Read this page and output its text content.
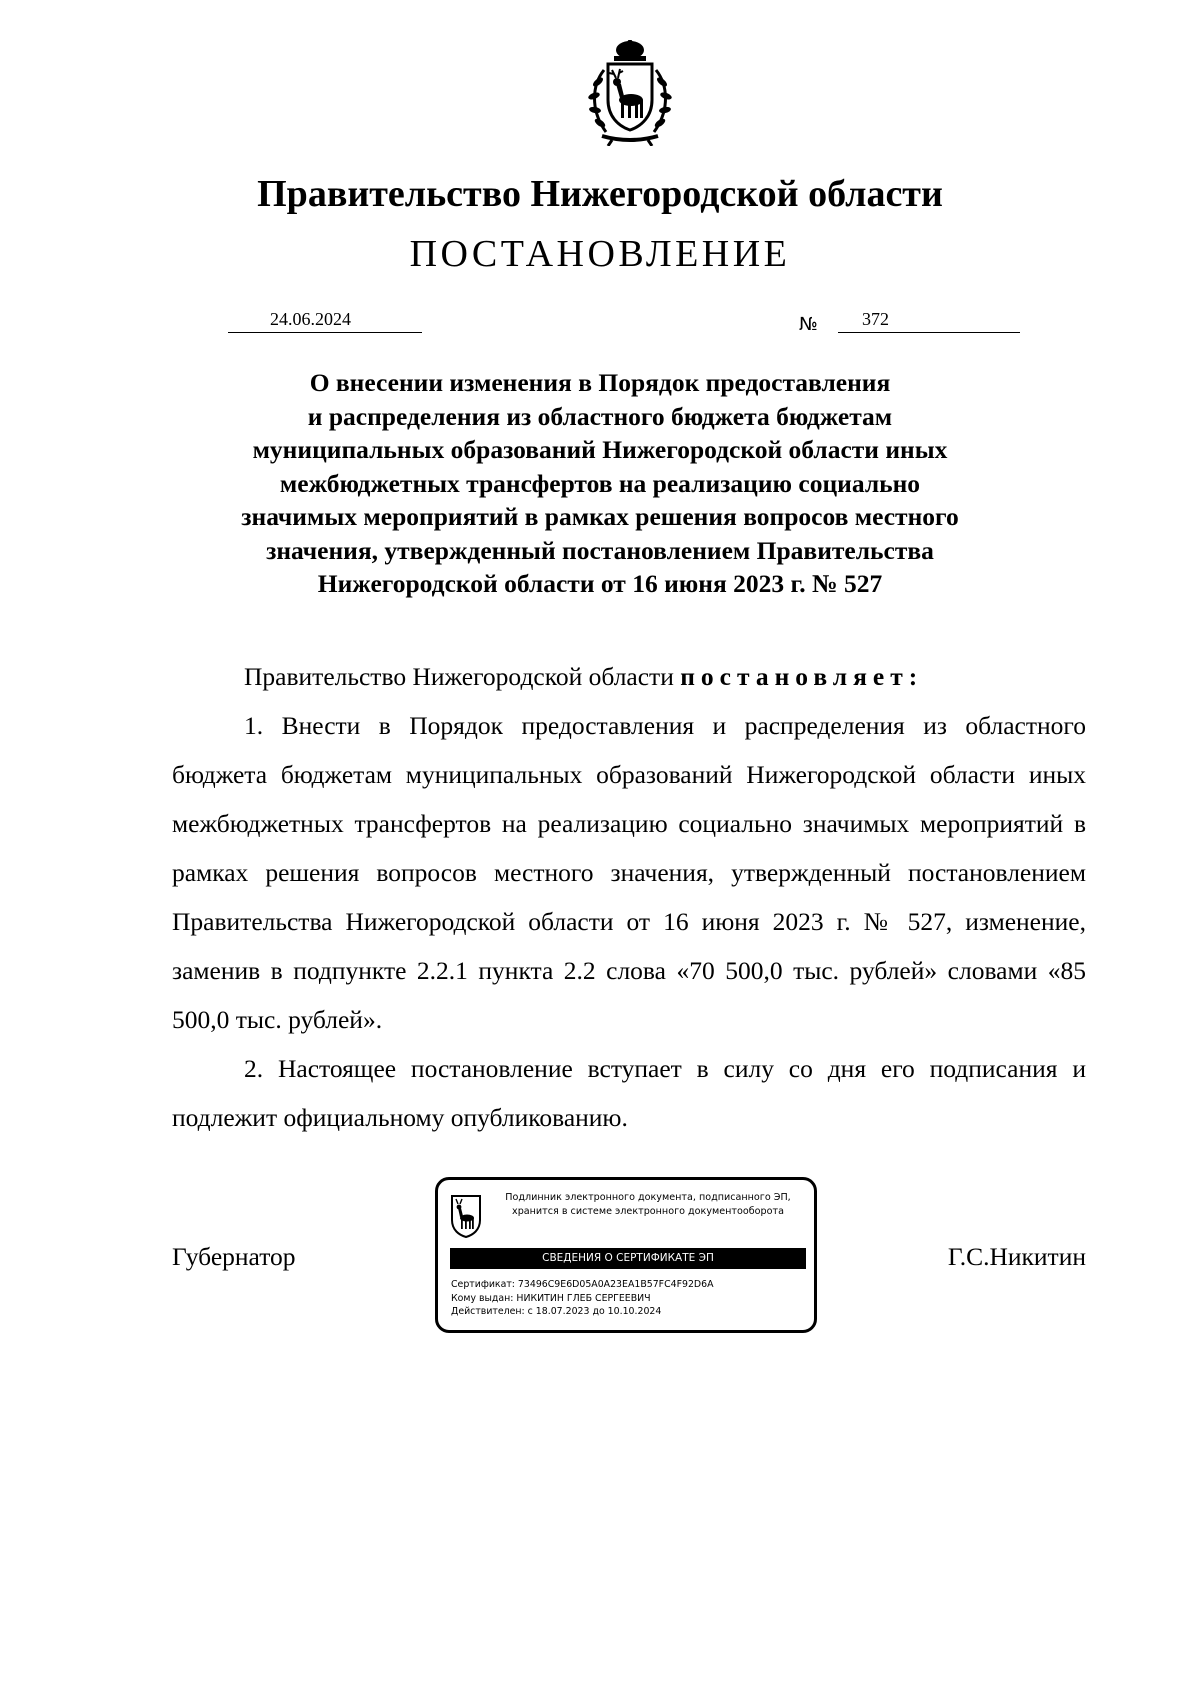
Правительство Нижегородской области
ПОСТАНОВЛЕНИЕ
24.06.2024	№ 372
О внесении изменения в Порядок предоставления
и распределения из областного бюджета бюджетам
муниципальных образований Нижегородской области иных
межбюджетных трансфертов на реализацию социально
значимых мероприятий в рамках решения вопросов местного
значения, утвержденный постановлением Правительства
Нижегородской области от 16 июня 2023 г. № 527

Правительство Нижегородской области постановляет:

1. Внести в Порядок предоставления и распределения из областного бюджета бюджетам муниципальных образований Нижегородской области иных межбюджетных трансфертов на реализацию социально значимых мероприятий в рамках решения вопросов местного значения, утвержденный постановлением Правительства Нижегородской области от 16 июня 2023 г. № 527, изменение, заменив в подпункте 2.2.1 пункта 2.2 слова «70 500,0 тыс. рублей» словами «85 500,0 тыс. рублей».

2. Настоящее постановление вступает в силу со дня его подписания и подлежит официальному опубликованию.

Губернатор	Г.С.Никитин
Подлинник электронного документа, подписанного ЭП,
хранится в системе электронного документооборота
СВЕДЕНИЯ О СЕРТИФИКАТЕ ЭП
Сертификат: 73496C9E6D05A0A23EA1B57FC4F92D6A
Кому выдан: НИКИТИН ГЛЕБ СЕРГЕЕВИЧ
Действителен: с 18.07.2023 до 10.10.2024
